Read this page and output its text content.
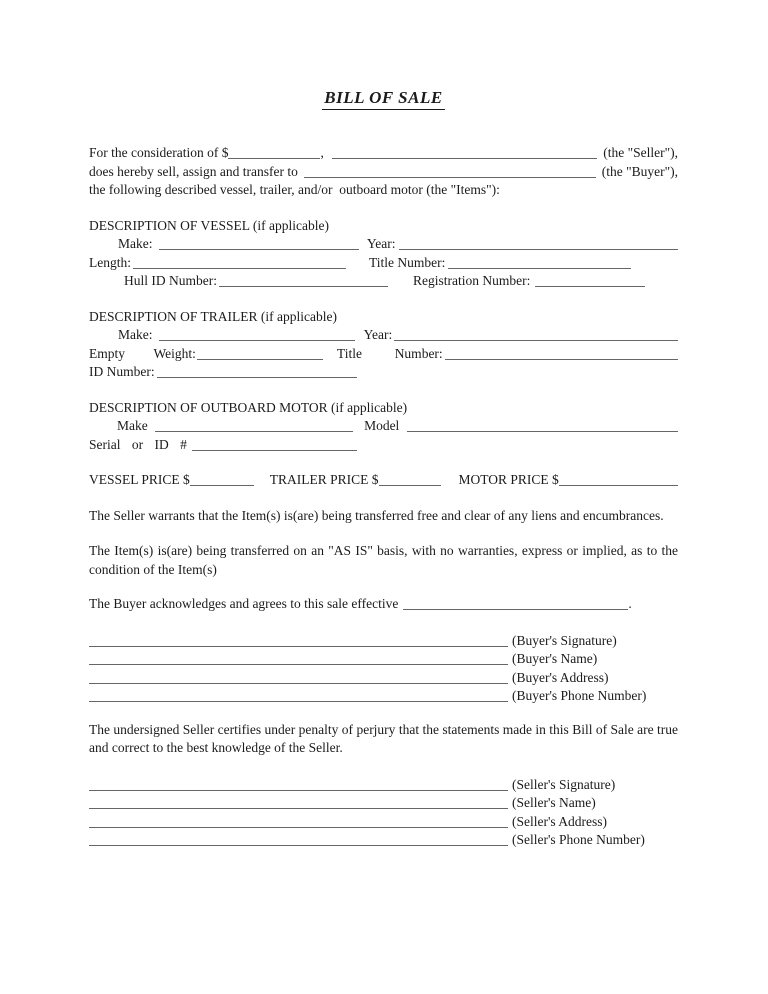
BILL OF SALE
For the consideration of $	,	(the "Seller"),
does hereby sell, assign and transfer to	(the "Buyer"),
the following described vessel, trailer, and/or  outboard motor (the "Items"):
DESCRIPTION OF VESSEL (if applicable)
Make:	Year:
Length:	Title Number:
Hull ID Number:	Registration Number:
DESCRIPTION OF TRAILER (if applicable)
Make:	Year:
Empty  Weight:	Title  Number:
ID Number:
DESCRIPTION OF OUTBOARD MOTOR (if applicable)
Make	Model
Serial or ID #
VESSEL PRICE $	TRAILER PRICE $	MOTOR PRICE $

The Seller warrants that the Item(s) is(are) being transferred free and clear of any liens and encumbrances.

The Item(s) is(are) being transferred on an "AS IS" basis, with no warranties, express or implied, as to the condition of the Item(s)

The Buyer acknowledges and agrees to this sale effective	.
(Buyer's Signature)
(Buyer's Name)
(Buyer's Address)
(Buyer's Phone Number)

The undersigned Seller certifies under penalty of perjury that the statements made in this Bill of Sale are true and correct to the best knowledge of the Seller.

(Seller's Signature)
(Seller's Name)
(Seller's Address)
(Seller's Phone Number)
